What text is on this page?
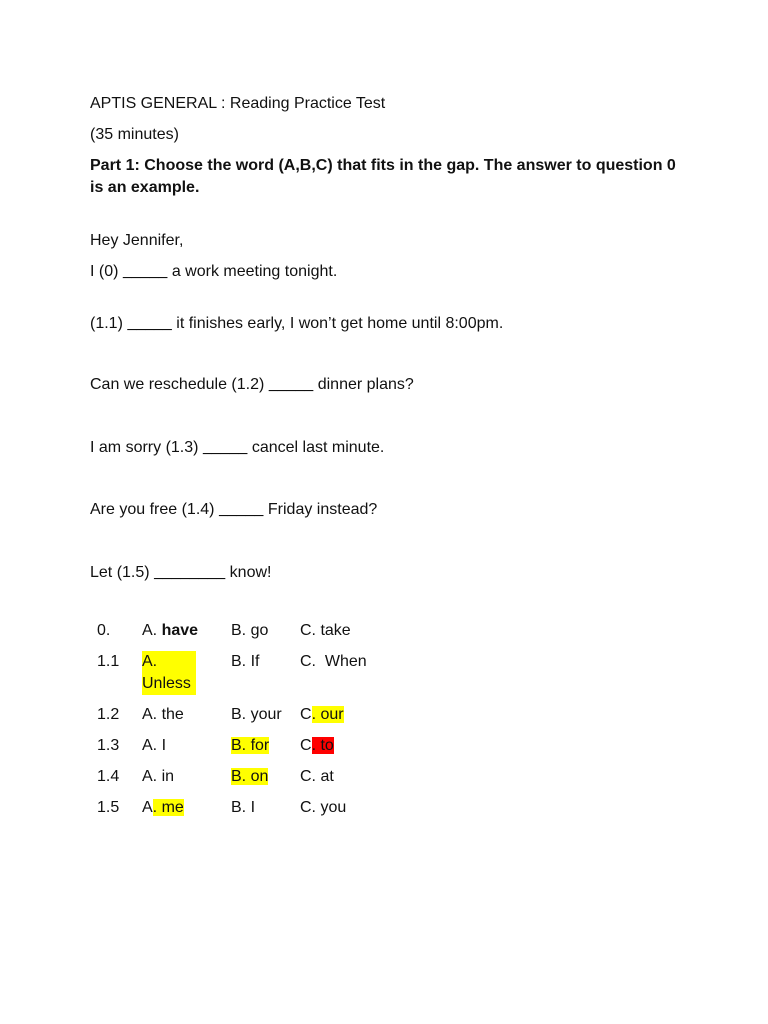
APTIS GENERAL : Reading Practice Test
(35 minutes)
Part 1: Choose the word (A,B,C) that fits in the gap. The answer to question 0 is an example.
Hey Jennifer,
I (0) _____ a work meeting tonight.
(1.1) _____ it finishes early, I won’t get home until 8:00pm.
Can we reschedule (1.2) _____ dinner plans?
I am sorry (1.3) _____ cancel last minute.
Are you free (1.4) _____ Friday instead?
Let (1.5) ________ know!
0.	A. have	B. go	C. take
1.1	A. Unless	B. If	C.  When
1.2	A. the	B. your	C. our
1.3	A. I	B. for	C. to
1.4	A. in	B. on	C. at
1.5	A. me	B. I	C. you
